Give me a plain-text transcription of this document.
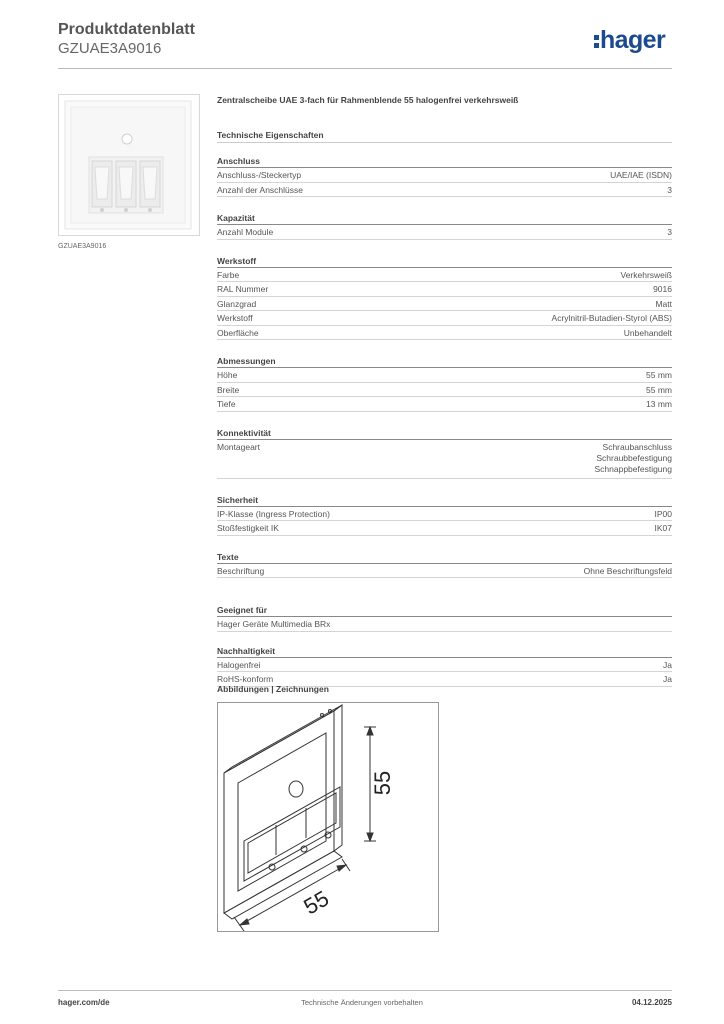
Produktdatenblatt
GZUAE3A9016	hager
GZUAE3A9016
Zentralscheibe UAE 3-fach für Rahmenblende 55 halogenfrei verkehrsweiß
Technische Eigenschaften
Anschluss
Anschluss-/Steckertyp	UAE/IAE (ISDN)
Anzahl der Anschlüsse	3
Kapazität
Anzahl Module	3
Werkstoff
Farbe	Verkehrsweiß
RAL Nummer	9016
Glanzgrad	Matt
Werkstoff	Acrylnitril-Butadien-Styrol (ABS)
Oberfläche	Unbehandelt
Abmessungen
Höhe	55 mm
Breite	55 mm
Tiefe	13 mm
Konnektivität
Montageart	Schraubanschluss
Schraubbefestigung
Schnappbefestigung
Sicherheit
IP-Klasse (Ingress Protection)	IP00
Stoßfestigkeit IK	IK07
Texte
Beschriftung	Ohne Beschriftungsfeld
Geeignet für
Hager Geräte Multimedia BRx
Nachhaltigkeit
Halogenfrei	Ja
RoHS-konform	Ja
Abbildungen | Zeichnungen
55
55
Technische Änderungen vorbehalten
hager.com/de	04.12.2025
